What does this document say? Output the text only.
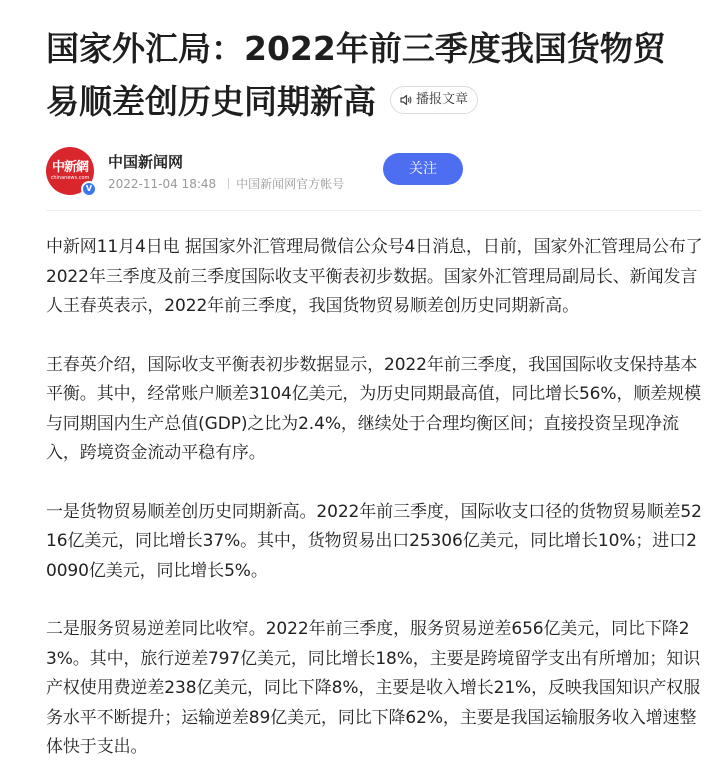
国家外汇局：2022年前三季度我国货物贸易顺差创历史同期新高	播报文章
中新網
chinanews.com
V
中国新闻网
2022-11-04 18:48 中国新闻网官方帐号
关注

中新网11月4日电 据国家外汇管理局微信公众号4日消息，日前，国家外汇管理局公布了2022年三季度及前三季度国际收支平衡表初步数据。国家外汇管理局副局长、新闻发言人王春英表示，2022年前三季度，我国货物贸易顺差创历史同期新高。

王春英介绍，国际收支平衡表初步数据显示，2022年前三季度，我国国际收支保持基本平衡。其中，经常账户顺差3104亿美元，为历史同期最高值，同比增长56%，顺差规模与同期国内生产总值(GDP)之比为2.4%，继续处于合理均衡区间；直接投资呈现净流入，跨境资金流动平稳有序。

一是货物贸易顺差创历史同期新高。2022年前三季度，国际收支口径的货物贸易顺差5216亿美元，同比增长37%。其中，货物贸易出口25306亿美元，同比增长10%；进口20090亿美元，同比增长5%。

二是服务贸易逆差同比收窄。2022年前三季度，服务贸易逆差656亿美元，同比下降23%。其中，旅行逆差797亿美元，同比增长18%，主要是跨境留学支出有所增加；知识产权使用费逆差238亿美元，同比下降8%，主要是收入增长21%，反映我国知识产权服务水平不断提升；运输逆差89亿美元，同比下降62%，主要是我国运输服务收入增速整体快于支出。
